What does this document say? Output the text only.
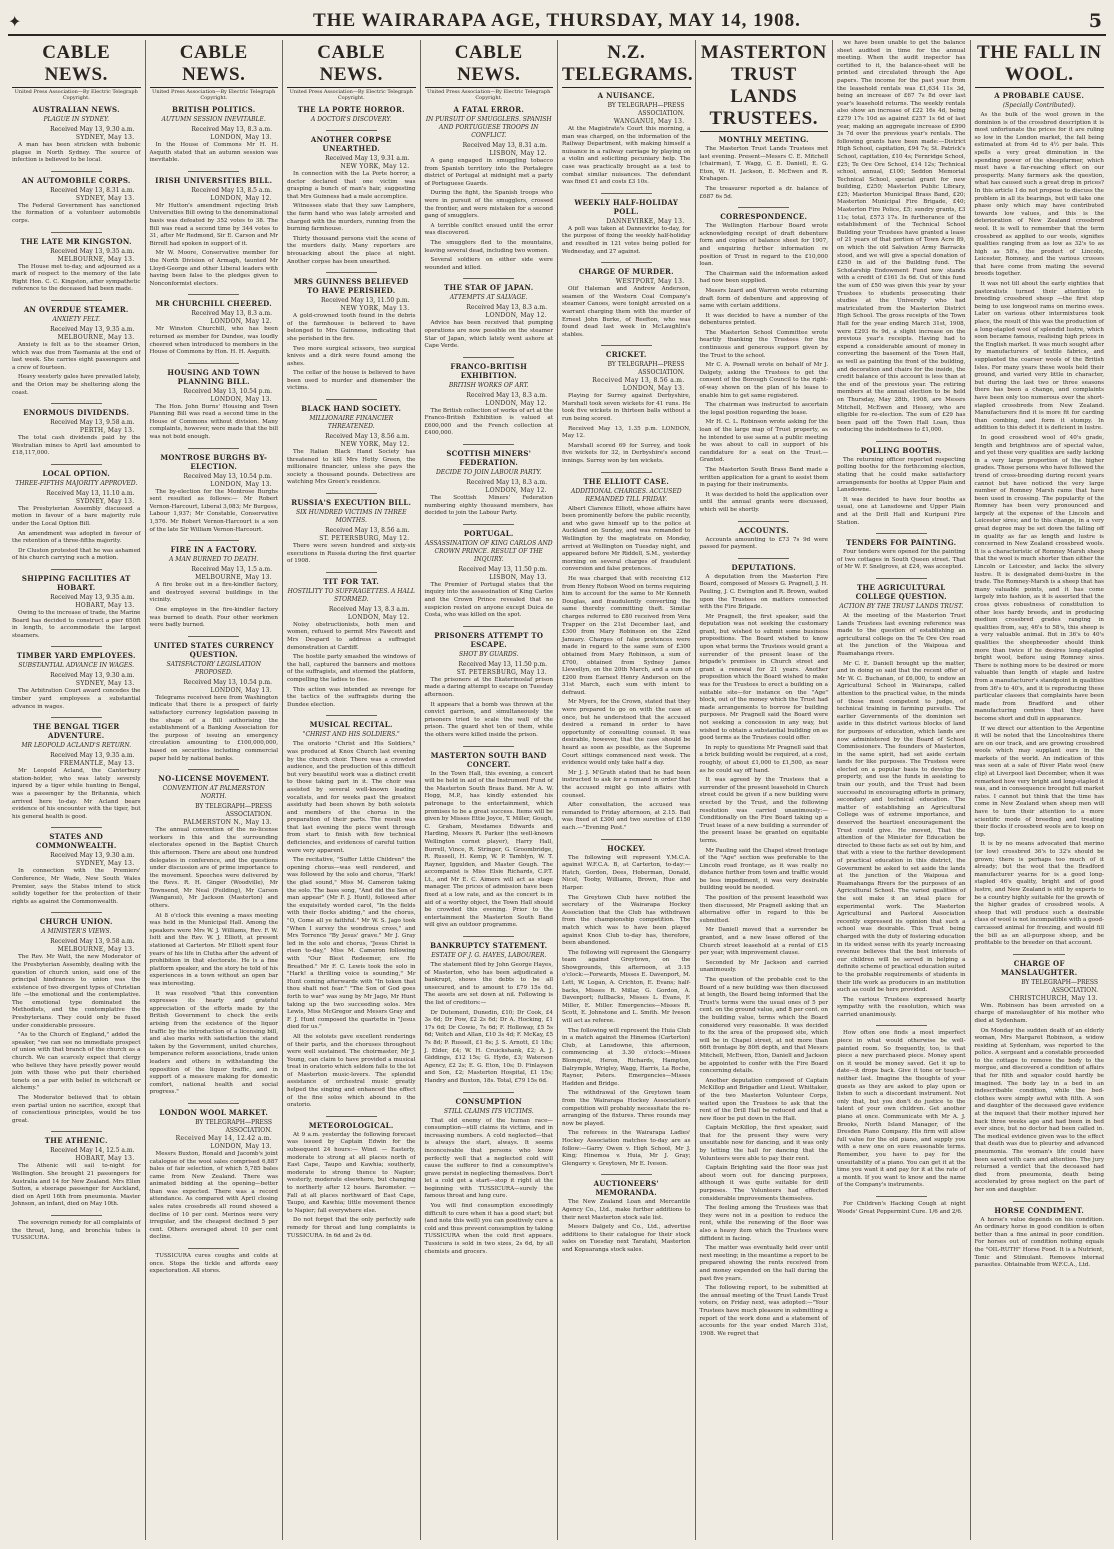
✦	THE WAIRARAPA AGE, THURSDAY, MAY 14, 1908.	5
CABLE NEWS.
United Press Association—By Electric Telegraph Copyright.
AUSTRALIAN NEWS.
PLAGUE IN SYDNEY.
Received May 13, 9.30 a.m.
SYDNEY, May 13.

A man has been stricken with bubonic plague in North Sydney. The source of infection is believed to be local.

AN AUTOMOBILE CORPS.
Received May 13, 8.31 a.m.
SYDNEY, May 13.

The Federal Government has sanctioned the formation of a volunteer automobile corps.

THE LATE MR KINGSTON.
Received May 13, 9.35 a.m.
MELBOURNE, May 13.

The House met to-day, and adjourned as a mark of respect to the memory of the late Right Hon. C. C. Kingston, after sympathetic reference to the deceased had been made.

AN OVERDUE STEAMER.
ANXIETY FELT.
Received May 13, 9.35 a.m.
MELBOURNE, May 13.

Anxiety is felt as to the steamer Orion, which was due from Tasmania at the end of last week. She carries eight passengers and a crew of fourteen.

Heavy westerly gales have prevailed lately, and the Orion may be sheltering along the coast.

ENORMOUS DIVIDENDS.
Received May 13, 9.58 a.m.
PERTH, May 13.

The total cash dividends paid by the Westralian mines to April last amounted to £18,117,000.

LOCAL OPTION.
THREE-FIFTHS MAJORITY APPROVED.
Received May 13, 11.10 a.m.
SYDNEY, May 13.

The Presbyterian Assembly discussed a motion in favour of a bare majority rule under the Local Option Bill.

An amendment was adopted in favour of the retention of a three-fifths majority.

Dr Cluston protested that he was ashamed of his church carrying such a motion.

SHIPPING FACILITIES AT HOBART.
Received May 13, 9.35 a.m.
HOBART, May 13.

Owing to the increase of trade, the Marine Board has decided to construct a pier 650ft in length, to accommodate the largest steamers.

TIMBER YARD EMPLOYEES.
SUBSTANTIAL ADVANCE IN WAGES.
Received May 13, 9.30 a.m.
SYDNEY, May 13.

The Arbitration Court award concedes the timber yard employees a substantial advance in wages.

THE BENGAL TIGER ADVENTURE.
MR LEOPOLD ACLAND'S RETURN.
Received May 13, 9.35 a.m.
FREMANTLE, May 13.

Mr Leopold Acland, the Canterbury station-holder, who was lately severely injured by a tiger while hunting in Bengal, was a passenger by the Britannia, which arrived here to-day. Mr Acland bears evidence of his encounter with the tiger, but his general health is good.

STATES AND COMMONWEALTH.
Received May 13, 9.30 a.m.
SYDNEY, May 13.

In connection with the Premiers' Conference, Mr Wade, New South Wales Premier, says the States intend to stick solidly together for the protection of their rights as against the Commonwealth.

CHURCH UNION.
A MINISTER'S VIEWS.
Received May 13, 9.58 a.m.
MELBOURNE, May 13.

The Rev. Mr Watt, the new Moderator of the Presbyterian Assembly, dealing with the question of church union, said one of the principal hindrances to union was the existence of two divergent types of Christian life —the emotional and the contemplative. The emotional type dominated the Methodists, and the contemplative the Presbyterians. They could only be fused under considerable pressure.

"As to the Church of England," added the speaker, "we can see no immediate prospect of union with that branch of the church as a church. We can scarcely expect that clergy who believe they have priestly power would join with those who put their cherished tenets on a par with belief in witchcraft or alchemy."

The Moderator believed that to obtain even partial union no sacrifice, except that of conscientious principles, would be too great.

THE ATHENIC.
Received May 14, 12.5 a.m.
HOBART, May 13.

The Athenic will sail to-night for Wellington. She brought 21 passengers for Australia and 14 for New Zealand. Mrs Ellen Sutton, a steerage passenger for Auckland, died on April 16th from pneumonia. Master Johnson, an infant, died on May 10th.

The sovereign remedy for all complaints of the throat, lung, and bronchia tubes is TUSSICURA.

CABLE NEWS.
United Press Association—By Electric Telegraph Copyright.
BRITISH POLITICS.
AUTUMN SESSION INEVITABLE.
Received May 13, 8.3 a.m.
LONDON, May 13.

In the House of Commons Mr H. H. Asquith stated that an autumn session was inevitable.

IRISH UNIVERSITIES BILL.
Received May 13, 8.5 a.m.
LONDON, May 12.

Mr Hutton's amendment rejecting Irish Universities Bill owing to the denominational basis was defeated by 352 votes to 38. The Bill was read a second time by 344 votes to 31, after Mr Redmond, Sir E. Carson and Mr Birrell had spoken in support of it.

Mr W. Moore, Conservative member for the North Division of Armagh, taunted Mr Lloyd-George and other Liberal leaders with having been false to the pledges given to Nonconformist electors.

MR CHURCHILL CHEERED.
Received May 13, 8.3 a.m.
LONDON, May 12.

Mr Winston Churchill, who has been returned as member for Dundee, was loudly cheered when introduced to members in the House of Commons by Hon. H. H. Asquith.

HOUSING AND TOWN PLANNING BILL.
Received May 13, 10.54 p.m.
LONDON, May 13.

The Hon. John Burns' Housing and Town Planning Bill was read a second time in the House of Commons without division. Many complaints, however, were made that the bill was not bold enough.

MONTROSE BURGHS BY-ELECTION.
Received May 13, 10.54 p.m.
LONDON, May 13.

The by-election for the Montrose Burghs sent resulted as follows:— Mr Robert Vernon-Harcourt, Liberal 3,083; Mr Burgess, Labour 1,937; Mr Constable, Conservative 1,576. Mr Robert Vernon-Harcourt is a son of the late Sir William Vernon-Harcourt.

FIRE IN A FACTORY.
A MAN BURNED TO DEATH.
Received May 13, 1.5 a.m.
MELBOURNE, May 13.

A fire broke out in a fire-kindler factory, and destroyed several buildings in the vicinity.

One employee in the fire-kindler factory was burned to death. Four other workmen were badly burned.

UNITED STATES CURRENCY QUESTION.
SATISFACTORY LEGISLATION PROPOSED.
Received May 13, 10.54 p.m.
LONDON, May 13.

Telegrams received here from Washington indicate that there is a prospect of fairly satisfactory currency legislation passing in the shape of a Bill authorising the establishment of a Banking Association for the purpose of issuing an emergency circulation amounting to £100,000,000, based on securities including commercial paper held by national banks.

NO-LICENSE MOVEMENT.
CONVENTION AT PALMERSTON NORTH.
BY TELEGRAPH—PRESS ASSOCIATION.
PALMERSTON N., May 13.

The annual convention of the no-license workers in this and the surrounding electorates opened in the Baptist Church this afternoon. There are about one hundred delegates in conference, and the questions under discussion are of prime importance to the movement. Speeches were delivered by the Revs. R. H. Ginger (Woodville), Mr Townsend, Mr Neal (Feilding), Mr Carson (Wanganui), Mr Jackson (Masterton) and others.

At 8 o'clock this evening a mass meeting was held in the Municipal Hall. Among the speakers were Mrs W. J. Williams, Rev. F. W. Isitt and the Rev. W. J. Elliott, at present stationed at Carterton. Mr Elliott spent four years of his life in Clutha after the advent of prohibition in that electorate. He is a fine platform speaker, and the story he told of his experiences in a town without an open bar was interesting.

It was resolved "that this convention expresses its hearty and grateful appreciation of the efforts made by the British Government to check the evils arising from the existence of the liquor traffic by the introduction of a licensing bill, and also marks with satisfaction the stand taken by the Government, united churches, temperance reform associations, trade union leaders and others in withstanding the opposition of the liquor traffic, and in support of a measure making for domestic comfort, national health and social progress."

LONDON WOOL MARKET.
BY TELEGRAPH—PRESS ASSOCIATION.
Received May 14, 12.42 a.m. LONDON, May 13.

Messrs Buxton, Ronald and Jacomb's joint catalogue of the wool sales comprised 6,887 bales of fair selection, of which 5,785 bales came from New Zealand. There was animated bidding at the opening—better than was expected. There was a record attendance. As compared with April closing sales rates crossbreds all round showed a decline of 10 per cent. Merinos were very irregular, and the cheapest declined 5 per cent. Others averaged about 10 per cent decline.

TUSSICURA cures coughs and colds at once. Stops the tickle and affords easy expectoration. All stores.

CABLE NEWS.
United Press Association—By Electric Telegraph Copyright.
THE LA PORTE HORROR.
A DOCTOR'S DISCOVERY.
ANOTHER CORPSE UNEARTHED.
Received May 13, 9.31 a.m.
NEW YORK, May 12.

In connection with the La Porte horror, a doctor declared that one victim was grasping a bunch of man's hair, suggesting that Mrs Guinness had a male accomplice.

Witnesses state that they saw Lamphere, the farm hand who was lately arrested and charged with the murders, running from the burning farmhouse.

Thirty thousand persons visit the scene of the murders daily. Many reporters are bivouacking about the place at night. Another corpse has been unearthed.

MRS GUINNESS BELIEVED TO HAVE PERISHED.
Received May 13, 11.50 p.m.
NEW YORK, May 13.

A gold-crowned tooth found in the debris of the farmhouse is believed to have belonged to Mrs Guinness, indicating that she perished in the fire.

Two more surgical scissors, two surgical knives and a dirk were found among the ashes.

The cellar of the house is believed to have been used to murder and dismember the victims.

BLACK HAND SOCIETY.
MILLIONAIRE FINANCIER THREATENED.
Received May 13, 8.56 a.m.
NEW YORK, May 12.

The Italian Black Hand Society has threatened to kill Mrs Hetty Green, the millionaire financier, unless she pays the society a thousand pounds. Detectives are watching Mrs Green's residence.

RUSSIA'S EXECUTION BILL.
SIX HUNDRED VICTIMS IN THREE MONTHS.
Received May 13, 8.56 a.m.
ST. PETERSBURG, May 12.

There were seven hundred and sixty-six executions in Russia during the first quarter of 1908.

TIT FOR TAT.
HOSTILITY TO SUFFRAGETTES. A HALL STORMED.
Received May 13, 8.3 a.m.
LONDON, May 12.

Noisy obstructionists, both men and women, refused to permit Mrs Fawcett and Mrs Despard to address a suffragist demonstration at Cardiff.

The hostile party smashed the windows of the hall, captured the banners and mottoes of the suffragists, and stormed the platform, compelling the ladies to flee.

This action was intended as revenge for the tactics of the suffragists during the Dundee election.

MUSICAL RECITAL.
"CHRIST AND HIS SOLDIERS."

The oratorio "Christ and His Soldiers," was produced at Knox Church last evening by the church choir. There was a crowded audience, and the production of this difficult but very beautiful work was a distinct credit to those taking part in it. The choir was assisted by several well-known leading vocalists, and for weeks past the greatest assiduity had been shown by both soloists and members of the chorus in the preparation of their parts. The result was that last evening the piece went through from start to finish with few technical deficiencies, and evidences of careful tuition were very apparent.

The recitative, "Suffer Little Children" the opening chorus—was well rendered, and was followed by the solo and chorus, "Hark! the glad sound," Miss M. Cameron taking the solo. The bass song, "And did the Son of man appear" (Mr F. J. Hunt), followed after the exquisitely worded carol, "In the fields with their flocks abiding," and the chorus, "O, Come all ye faithful." Mr W. S. Jago took "When I survey the wondrous cross," and Mrs Torrence "By Jesus' grave." Mr J. Gray led in the solo and chorus, "Jesus Christ is risen to-day," Miss M. Cameron following with "Our Blest Redeemer, ere He Breathed." Mr F. C. Lewis took the solo in "Hark! a thrilling voice is sounding," Mr Hunt coming afterwards with "In token that thou shalt not fear." "The Son of God goes forth to war" was sung by Mr Jago, Mr Hunt taking up the two succeeding solos. Mrs Lewis, Miss McGregor and Messrs Gray and F. J. Hunt composed the quartette in "Jesus died for us."

All the soloists gave excellent renderings of their parts, and the choruses throughout were well sustained. The choirmaster, Mr J. Young, can claim to have provided a musical treat in oratorio which seldom falls to the lot of Masterton music-lovers. The splendid assistance of orchestral music greatly helped the singing and enhanced the effect of the fine solos which abound in the oratorio.

METEOROLOGICAL.

At 9 a.m. yesterday the following forecast was issued by Captain Edwin for the subsequent 24 hours:— Wind. — Easterly, moderate to strong at all places north of East Cape, Taupo and Kawhia; southerly, moderate to strong thence to Napier; westerly, moderate elsewhere, but changing to northerly after 12 hours. Barometer. — Fall at all places northward of East Cape, Taupo, and Kawhia; little movement thence to Napier; fall everywhere else.

Do not forget that the only perfectly safe remedy for throat and lung complaints is TUSSICURA. In 6d and 2s 6d.

CABLE NEWS.
United Press Association—By Electric Telegraph Copyright.
A FATAL ERROR.
IN PURSUIT OF SMUGGLERS. SPANISH AND PORTUGUESE TROOPS IN CONFLICT.
Received May 13, 8.31 a.m.
LISBON, May 12.

A gang engaged in smuggling tobacco from Spanish territory into the Portalegre district of Portugal at midnight met a party of Portuguese Guards.

During the fight, the Spanish troops who were in pursuit of the smugglers, crossed the frontier, and were mistaken for a second gang of smugglers.

A terrible conflict ensued until the error was discovered.

The smugglers fled to the mountains, leaving several dead, including two women.

Several soldiers on either side were wounded and killed.

THE STAR OF JAPAN.
ATTEMPTS AT SALVAGE.
Received May 13, 8.3 a.m.
LONDON, May 12.

Advice has been received that pumping operations are now possible on the steamer Star of Japan, which lately went ashore at Cape Verde.

FRANCO-BRITISH EXHIBITION.
BRITISH WORKS OF ART.
Received May 13, 8.3 a.m.
LONDON, May 12.

The British collection of works of art at the Franco-British Exhibition is valued at £600,000 and the French collection at £400,000.

SCOTTISH MINERS' FEDERATION.
DECIDE TO JOIN LABOUR PARTY.
Received May 13, 8.3 a.m.
LONDON, May 12.

The Scottish Miners' Federation numbering eighty thousand members, has decided to join the Labour Party.

PORTUGAL.
ASSASSINATION OF KING CARLOS AND CROWN PRINCE. RESULT OF THE INQUIRY.
Received May 13, 11.50 p.m.
LISBON, May 13.

The Premier of Portugal states that the inquiry into the assassination of King Carlos and the Crown Prince revealed that no suspicion rested on anyone except Duica de Costa, who was killed on the spot.

PRISONERS ATTEMPT TO ESCAPE.
SHOT BY GUARDS.
Received May 13, 11.50 p.m.
ST. PETERSBURG, May 13.

The prisoners at the Ekaterinoslaf prison made a daring attempt to escape on Tuesday afternoon.

It appears that a bomb was thrown at the convict garrison, and simultaneously the prisoners tried to scale the wall of the prison. The guard shot ten of them, while the others were killed inside the prison.

MASTERTON SOUTH BAND CONCERT.

In the Town Hall, this evening, a concert will be held in aid of the Instrument Fund of the Masterton South Brass Band. Mr A. W. Hogg, M.P., has kindly extended his patronage to the entertainment, which promises to be a great success. Items will be given by Misses Ettie Joyce, T. Miller, Gough, C. Graham, Mesdames Edwards and Harding, Messrs R. Parker (the well-known Wellington cornet player), Harry Hall, Burrell, Vince, R. Stringer, G. Groombridge, R. Russell, H. Kemp, W. P. Tamblyn, W. T. Rayner, Iggulden, and Master Gough. The accompanist is Miss Elsie Richards, C.P.T. Lt., and Mr E. C. Aimers will act as stage manager. The prices of admission have been fixed at a low rate, and as the concert is in aid of a worthy object, the Town Hall should be crowded this evening. Prior to the entertainment the Masterton South Band will give an outdoor programme.

BANKRUPTCY STATEMENT.
ESTATE OF J. G. HAYES, LABOURER.

The statement filed by John George Hayes, of Masterton, who has been adjudicated a bankrupt, shows the debts to be all unsecured, and to amount to £79 15s 6d. The assets are set down at nil. Following is the list of creditors:—

Dr Dutement, Dunedin, £10; Dr Cook, £4 3s 6d; Dr Pow, £2 2s 6d; Dr A. Hocking, £1 17s 6d; Dr Cowie, 7s 6d; F. Holloway, £5 5s 6d; Veitch and Allan, £10 3s 4d; F. McKay, £5 7s 8d; P. Russell, £1 8s; J. S. Arnott, £1 18s; J. Elder, £4; W. H. Cruickshank, £2; A. J. Giddings, £12 15s; G. Hyde, £3; Waterson Agency, £2 2s; E. G. Eton, 10s; D. Finlayson and Son, £2; Masterton Hospital, £1 15s; Handry and Buxton, 18s. Total, £79 15s 6d.

CONSUMPTION
STILL CLAIMS ITS VICTIMS.

That old enemy of the human race—consumption—still claims its victims, and in increasing numbers. A cold neglected—that is always the start, always. It seems inconceivable that persons who know perfectly well that a neglected cold will cause the sufferer to find a consumptive's grave persist in neglecting themselves. Don't let a cold get a start—stop it right at the beginning with TUSSICURA—surely the famous throat and lung cure.

You will find consumption exceedingly difficult to cure when it has a good start; but (and note this well) you can positively cure a cold and thus prevent consumption by taking TUSSICURA when the cold first appears. Tussicura is sold in two sizes, 2s 6d, by all chemists and grocers.

N.Z. TELEGRAMS.
A NUISANCE.
BY TELEGRAPH—PRESS ASSOCIATION.
WANGANUI, May 13.

At the Magistrate's Court this morning, a man was charged, on the information of the Railway Department, with making himself a nuisance in a railway carriage by playing on a violin and soliciting pecuniary help. The case was practically brought as a test to combat similar nuisances. The defendant was fined £1 and costs £3 10s.

WEEKLY HALF-HOLIDAY POLL.
DANNEVIRKE, May 13.

A poll was taken at Dannevirke to-day, for the purpose of fixing the weekly half-holiday and resulted in 121 votes being polled for Wednesday, and 27 against.

CHARGE OF MURDER.
WESTPORT, May 13.

Olif Haleman and Andrew Anderson, seamen of the Western Coal Company's steamer Canoes, were tonight arrested on a warrant charging them with the murder of Ernest John Burke, of Reefton, who was found dead last week in McLaughlin's stables.

CRICKET.
BY TELEGRAPH—PRESS ASSOCIATION.
Received May 13, 8.56 a.m. LONDON, May 13.

Playing for Surrey against Derbyshire, Marshall took seven wickets for 41 runs. He took five wickets in thirteen balls without a run being scored.

Received May 13, 1.35 p.m. LONDON, May 12.

Marshall scored 69 for Surrey, and took five wickets for 32, in Derbyshire's second innings. Surrey won by ten wickets.

THE ELLIOTT CASE.
ADDITIONAL CHARGES. ACCUSED REMANDED TILL FRIDAY.

Albert Clarence Elliott, whose affairs have been prominently before the public recently, and who gave himself up to the police at Auckland on Sunday, and was remanded to Wellington by the magistrate on Monday, arrived at Wellington on Tuesday night, and appeared before Mr Riddell, S.M., yesterday morning on several charges of fraudulent conversion and false pretences.

He was charged that with receiving £12 from Henry Robson Wood on terms requiring him to account for the same to Mr Kenneth Douglas, and fraudulently converting the same thereby committing theft. Similar charges referred to £80 received from Vera Trapper on the 21st December last, and £300 from Mary Robinson on the 22nd January. Charges of false pretences were made in regard to the same sum of £300 obtained from Mary Robinson, a sum of £700, obtained from Sydney James Llewellyn, on the 20th March, and a sum of £200 from Earnest Henry Anderson on the 31st March, each sum with intent to defraud.

Mr Myers, for the Crown, stated that they were prepared to go on with the case at once, but he understood that the accused desired a remand in order to have opportunity of consulting counsel. It was desirable, however, that the case should be heard as soon as possible, as the Supreme Court sittings commenced next week. The evidence would only take half a day.

Mr J. J. M'Grath stated that he had been instructed to ask for a remand in order that the accused might go into affairs with counsel.

After consultation, the accused was remanded to Friday afternoon, at 2.15. Bail was fixed at £300 and two sureties of £150 each.—"Evening Post."

HOCKEY.

The following will represent Y.M.C.A. against W.F.C.A. B, at Carterton, to-day:—Hatch, Gordon, Dees, Hoberman, Donald, Nicol, Tooby, Williams, Brown, Hue and Harper.

The Greytown Club have notified the secretary of the Wairarapa Hockey Association that the Club has withdrawn from the championship competition. The match which was to have been played against Knox Club to-day has, therefore, been abandoned.

The following will represent the Glengarry team against Greytown, on the Showgrounds, this afternoon, at 3.15 o'clock:—Forwards, Misses E. Davenport, M. Lett, W. Logan, A. Crichton, E. Evans; half-backs, Misses R. Millar, G. Gordon, A. Davenport; fullbacks, Misses L. Evans, F. Miller, E. Miller. Emergencies—Misses R. Scott, E. Johnstone and L. Smith. Mr Iveson will act as referee.

The following will represent the Huia Club in a match against the Hinemoa (Carterton) Club, at Lansdowne, this afternoon, commencing at 3.30 o'clock:—Misses Blomqvist, Heron, Richards, Hampton, Dalrymple, Wrigley, Wagg, Harris, La Roche, Rayner, Peters. Emergencies—Misses Hadden and Bridge.

The withdrawal of the Greytown team from the Wairarapa Hockey Association's competition will probably necessitate the re-arranging of the fixtures. Three rounds may now be played.

The referees in the Wairarapa Ladies' Hockey Association matches to-day are as follow:—Garry Owen v. High School, Mr J. King; Hinemoa v. Huia, Mr J. Gray; Glengarry v. Greytown, Mr E. Iveson.

AUCTIONEERS' MEMORANDA.

The New Zealand Loan and Mercantile Agency Co., Ltd., make further additions to their next Masterton stock sale list.

Messrs Dalgety and Co., Ltd., advertise additions to their catalogue for their stock sales on Tuesday next Taratahi, Masterton and Kopuaranga stock sales.

MASTERTON TRUST LANDS TRUSTEES.
MONTHLY MEETING.

The Masterton Trust Lands Trustees met last evening. Present—Messrs C. E. Mitchell (chairman), T. Wagg, C. E. Daniell, E. G. Eton, W. H. Jackson, E. McEwen and R. Krahagen.

The treasurer reported a dr. balance of £687 6s 5d.

CORRESPONDENCE.

The Wellington Harbour Board wrote acknowledging receipt of draft debenture form and copies of balance sheet for 1907, and enquiring further information re position of Trust in regard to the £10,000 loan.

The Chairman said the information asked had now been supplied.

Messrs Izard and Warren wrote returning draft form of debenture and approving of same with certain additions.

It was decided to have a number of the debentures printed.

The Masterton School Committee wrote heartily thanking the Trustees for the continuous and generous support given by the Trust to the school.

Mr C. A. Pownall wrote on behalf of Mr J. Dalgety, asking the Trustees to get the consent of the Borough Council to the right-of-way shown on the plan of his lease to enable him to get same registered.

The chairman was instructed to ascertain the legal position regarding the lease.

Mr H. C. L. Robinson wrote asking for the loan of the large map of Trust property, as he intended to use same at a public meeting he was about to call in support of his candidature for a seat on the Trust.—Granted.

The Masterton South Brass Band made a written application for a grant to assist them in paying for their instruments.

It was decided to hold the application over until the annual grants were discussed, which will be shortly.

ACCOUNTS.

Accounts amounting to £73 7s 9d were passed for payment.

DEPUTATIONS.

A deputation from the Masterton Fire Board, composed of Messrs G. Pragnell, J. H. Pauling, J. C. Ewington and R. Brown, waited upon the Trustees on matters connected with the Fire Brigade.

Mr Pragnell, the first speaker, said the deputation was not seeking the customary grant, but wished to submit some business propositions. The Board wished to know upon what terms the Trustees would grant a surrender of the present lease of the brigade's premises in Church street and grant a renewal for 21 years. Another proposition which the Board wished to make was for the Trustees to erect a building on a suitable site—for instance on the "Age" block, out of the money which the Trust had made arrangements to borrow for building purposes. Mr Pragnell said the Board were not seeking a concession in any way, but wished to obtain a substantial building on as good terms as the Trustees could offer.

In reply to questions Mr Pragnell said that a brick building would be required, at a cost, roughly, of about £1,000 to £1,500, as near as he could say off hand.

It was agreed by the Trustees that a surrender of the present leasehold in Church street could be given if a new building were erected by the Trust, and the following resolution was carried unanimously:—Conditionally on the Fire Board taking up a Trust lease of a new building a surrender of the present lease be granted on equitable terms.

Mr Pauling said the Chapel street frontage of the "Age" section was preferable to the Lincoln road frontage, as it was really no distance further from town and traffic would be less impediment, it was very desirable building would be needed.

The position of the present leasehold was then discussed, Mr Pragnell asking that an alternative offer in regard to this be submitted.

Mr Daniell moved that a surrender be granted, and a new lease offered of the Church street leasehold at a rental of £15 per year, with improvement clause.

Seconded by Mr Jackson and carried unanimously.

The question of the probable cost to the Board of a new building was then discussed at length, the Board being informed that the Trust's terms were the usual ones of 5 per cent. on the ground value, and 8 per cent. on the building value, terms which the Board considered very reasonable. It was decided to fix the area of the proposed site, which will be in Chapel street, at not more than 66ft frontage by 80ft depth, and that Messrs Mitchell, McEwen, Eton, Daniell and Jackson be appointed to confer with the Fire Board concerning details.

Another deputation composed of Captain McKillop and Brigadier and Lieut. Whittaker, of the two Masterton Volunteer Corps, waited upon the Trustees to ask that the rent of the Drill Hall be reduced and that a new floor be put down in the Hall.

Captain McKillop, the first speaker, said that for the present they were very unsuitable now for dancing, and it was only by letting the hall for dancing that the Volunteers were able to pay their rent.

Captain Brighting said the floor was just about worn out for dancing purposes, although it was quite suitable for drill purposes. The Volunteers had effected considerable improvements themselves.

The feeling among the Trustees was that they were not in a position to reduce the rent, while the renewing of the floor was also a heavy item which the Trustees were diffident in facing.

The matter was eventually held over until next meeting; in the meantime a report to be prepared showing the rents received from and money expended on the hall during the past five years.

The following report, to be submitted at the annual meeting of the Trust Lands Trust voters, on Friday next, was adopted:—"Your Trustees have much pleasure in submitting a report of the work done and a statement of accounts for the year ended March 31st, 1908. We regret that

we have been unable to get the balance sheet audited in time for the annual meeting. When the audit inspector has certified to it, the balance-sheet will be printed and circulated through the Age papers. The income for the past year from the leasehold rentals was £1,634 11s 3d, being an increase of £67 7s 8d over last year's leasehold returns. The weekly rentals also show an increase of £22 16s 4d, being £279 17s 10d as against £257 1s 6d of last year, making an aggregate increase of £990 3s 7d over the previous year's rentals. The following grants have been made:—District High School, capitation, £94 7s; St. Patrick's School, capitation, £10 4s; Fernridge School, £25; Te Ore Ore School, £14 12s; Technical school, annual, £100; Seddon Memorial Technical School, special grant for new building, £250; Masterton Public Library, £25; Masterton Municipal Brass Band, £20; Masterton Municipal Fire Brigade, £40; Masterton Fire Police, £5; sundry grants, £3 11s; total, £573 17s. In furtherance of the establishment of the Technical School Building your Trustees have granted a lease of 21 years of that portion of Town Acre 89, on which the old Salvation Army Barracks stood, and we will give a special donation of £250 in aid of the Building fund. The Scholarship Endowment Fund now stands with a credit of £161 3s 6d. Out of this fund the sum of £50 was given this year by your Trustees to students prosecuting their studies at the University who had matriculated from the Masterton District High School. The gross receipts of the Town Hall for the year ending March 31st, 1908, were £293 6s 9d, a slight increase on the previous year's receipts. Having had to expend a considerable amount of money in converting the basement of the Town Hall, as well as painting the front of the building, and decoration and chairs for the inside, the credit balance of this account is less than at the end of the previous year. The retiring members at the annual election to be held on Thursday, May 28th, 1908, are Messrs Mitchell, McEwen and Hessey, who are eligible for re-election. The sum of £29 has been paid off the Town Hall Loan, thus reducing the indebtedness to £1,000.

POLLING BOOTHS.

The returning officer reported respecting polling booths for the forthcoming election, stating that he could make satisfactory arrangements for booths at Upper Plain and Lansdowne.

It was decided to have four booths as usual, one at Lansdowne and Upper Plain and at the Drill Hall and Kuripuni Fire Station.

TENDERS FOR PAINTING.

Four tenders were opened for the painting of two cottages in South Queen street. That of Mr W. F. Snelgrove, at £24, was accepted.

THE AGRICULTURAL COLLEGE QUESTION.
ACTION BY THE TRUST LANDS TRUST.

At the meeting of the Masterton Trust Lands Trustees last evening reference was made to the question of establishing an agricultural college on the Te Ore Ore road at the junction of the Waipoua and Ruamahanga rivers.

Mr C. E. Daniell brought up the matter, and in doing so said that the recent offer of Mr W. C. Buchanan, of £6,000, to endow an Agricultural School in Wairarapa, called attention to the practical value, in the minds of those most competent to judge, of technical training in farming pursuits. The earlier Governments of the dominion set aside in this district various blocks of land for purposes of education, which lands are now administered by the Board of School Commissioners. The founders of Masterton, in the same spirit, had set aside certain lands for like purposes. The Trustees were elected on a popular basis to develop the property, and use the funds in assisting to train our youth, and the Trust had been successful in encouraging efforts in primary, secondary and technical education. The matter of establishing an Agricultural College was of extreme importance, and deserved the heartiest encouragement the Trust could give. He moved, That the attention of the Minister for Education be directed to these facts as set out by him, and that with a view to the further development of practical education in this district, the Government be asked to set aside the lands at the junction of the Waipoua and Ruamahanga Rivers for the purposes of an Agricultural School. The varied qualities of the soil make it an ideal place for experimental work. The Masterton Agricultural and Pastoral Association recently expressed its opinion that such a school was desirable. This Trust being charged with the duty of fostering education in its widest sense with its yearly increasing revenue believes that the best interests of our children will be served in helping a definite scheme of practical education suited to the probable requirements of students in their life work as producers in an institution such as could be here provided.

The various Trustees expressed hearty sympathy with the resolution, which was carried unanimously.

How often one finds a most imperfect piece in what would otherwise be well-painted room. So frequently, too, is that piece a new purchased piece. Money spent on it would be money saved. Get it up to date—it drops back. Give it tone or touch—neither last. Imagine the thoughts of your guests as they are asked to play upon or listen to such a discordant instrument. Not only that, but you don't do justice to the talent of your own children. Get another piano at once. Communicate with Mr A. J. Brooks, North Island Manager, of the Dresden Piano Company. His firm will allow full value for the old piano, and supply you with a new one on sure reasonable terms. Remember, you have to pay for the unsuitability of a piano. You can get it at the time you want it and pay for it at the rate of a month. If you want to know and the name of the Company's instruments.

For Children's Hacking Cough at night Woods' Great Peppermint Cure. 1/6 and 2/6.

THE FALL IN WOOL.
A PROBABLE CAUSE.
(Specially Contributed).

As the bulk of the wool grown in the dominion is of the crossbred description it is most unfortunate the prices for it are ruling so low in the London market, the fall being estimated at from 4d to 4½ per bale. This spells a very great diminution in the spending power of the sheepfarmer, which must have a far-reaching effect on our prosperity. Many farmers ask the question, what has caused such a great drop in prices? In this article I do not propose to discuss the problem in all its bearings, but will take one phase only which may have contributed towards low values, and this is the deterioration of New Zealand crossbred wool. It is well to remember that the term crossbred as applied to our wools, signifies qualities ranging from as low as 32's to as high as 58's, the product of Lincoln, Leicester, Romney, and the various crosses that have come from mating the several breeds together.

It was not till about the early eighties that pastoralists turned their attention to breeding crossbred sheep —the first step being to use longwool rams on merino ewes. Later on various other intermixtures took place, the result of this was the production of a long-stapled wool of splendid lustre, which soon became famous, realising high prices in the English market. It was much sought after by manufacturers of textile fabrics, and supplanted the coarser wools of the British Isles. For many years these wools held their ground, and varied very little in character, but during the last two or three seasons there has been a change, and complaints have been only too numerous over the short-stapled crossbreds from New Zealand. Manufacturers find it is more fit for carding than combing, and form it stumpy. In addition to this defect it is deficient in lustre.

In good crossbred wool of 40's grade, length and brightness are of special value, and yet these very qualities are sadly lacking in a very large proportion of the higher grades. Those persons who have followed the trend of cross-breeding during recent years cannot but have noticed the very large number of Romney Marsh rams that have been used in crossing. The popularity of the Romney has been very pronounced and largely at the expense of the Lincoln and Leicester sires; and to this change, in a very great degree may be set down the falling off in quality as far as length and lustre is concerned in New Zealand crossbred wools. It is a characteristic of Romney Marsh sheep that the wool is much shorter than either the Lincoln or Leicester, and lacks the silvery lustre. It is designated demi-lustre in the trade. The Romney-Marsh is a sheep that has many valuable points, and it has come largely into fashion, as it is asserted that the cross gives robustness of constitution to other less hardy breeds, and in producing medium crossbred grades ranging in qualities from, say, 46's to 58's, this sheep is a very valuable animal. But in 36's to 40's qualities the sheepbreeder should think more than twice if he desires long-stapled bright wool, before using Romney sires. There is nothing more to be desired or more valuable than length of staple and lustre from a manufacturer's standpoint in qualities from 36's to 40's, and it is reproducing these particular classes that complaints have been made from Bradford and other manufacturing centres that they have become short and dull in appearance.

If we direct our attention to the Argentine it will be noted that the Lincolnshires there are on our track, and are growing crossbred wools which may supplant ours in the markets of the world. An indication of this was seen at a sale of River Plate wool (new clip) at Liverpool last December, when it was remarked how very bright and long-stapled it was, and in consequence brought full market rates. I cannot but think that the time has come in New Zealand when sheep men will have to turn their attention to a more scientific mode of breeding and treating their flocks if crossbred wools are to keep on top.

It is by no means advocated that merino (or low) crossbred 36's to 32's should be grown; there is perhaps too much of it already; but the wool that the Bradford manufacturer yearns for is a good long-stapled 46's quality, bright and of good lustre, and New Zealand is still by experts to be a country highly suitable for the growth of the higher grades of crossbred wools. A sheep that will produce such a desirable class of wool is not incompatible with a good-carcassed animal for freezing, and would fill the bill as an all-purpose sheep, and be profitable to the breeder on that account.

CHARGE OF MANSLAUGHTER.
BY TELEGRAPH—PRESS ASSOCIATION.
CHRISTCHURCH, May 13.

Wm. Robinson has been arrested on a charge of manslaughter of his mother who died at Sydenham.

On Monday the sudden death of an elderly woman, Mrs Margaret Robinson, a widow residing at Sydenham, was reported to the police. A sergeant and a constable proceeded to the cottage to remove the body to the morgue, and discovered a condition of affairs that for filth and squalor could hardly be imagined. The body lay in a bed in an indescribable condition, while the bed-clothes were simply awful with filth. A son and daughter of the deceased gave evidence at the inquest that their mother injured her back three weeks ago and had been in bed ever since, but no doctor had been called in. The medical evidence given was to the effect that death was due to pleurisy and advanced pneumonia. The woman's life could have been saved with care and attention. The jury returned a verdict that the deceased had died from pneumonia, death being accelerated by gross neglect on the part of her son and daughter.

HORSE CONDIMENT.

A horse's value depends on his condition. An ordinary horse in good condition is often better than a fine animal in poor condition. For horses out of condition nothing equals the "OIL-RUTH" Horse Food. It is a Nutrient, Tonic and Stimulant. Removes internal parasites. Obtainable from W.F.C.A., Ltd.
